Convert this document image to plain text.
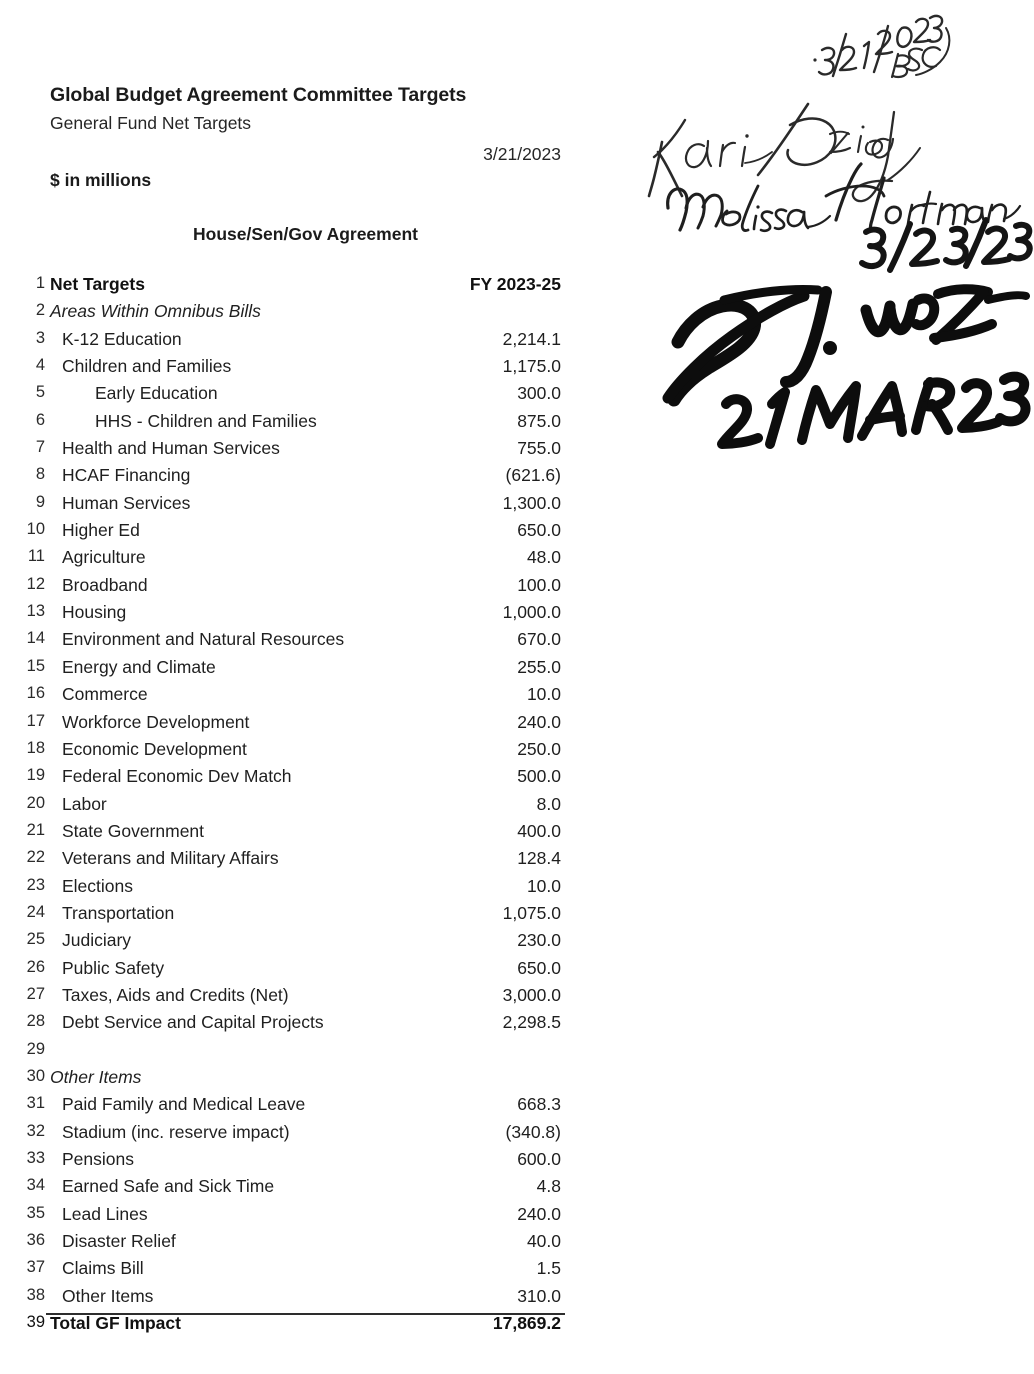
Global Budget Agreement Committee Targets
General Fund Net Targets
3/21/2023
$ in millions
House/Sen/Gov Agreement
1 Net Targets	FY 2023-25
2 Areas Within Omnibus Bills
3 K-12 Education	2,214.1
4 Children and Families	1,175.0
5	Early Education	300.0
6	HHS - Children and Families	875.0
7 Health and Human Services	755.0
8 HCAF Financing	(621.6)
9 Human Services	1,300.0
10 Higher Ed	650.0
11 Agriculture	48.0
12 Broadband	100.0
13 Housing	1,000.0
14 Environment and Natural Resources	670.0
15 Energy and Climate	255.0
16 Commerce	10.0
17 Workforce Development	240.0
18 Economic Development	250.0
19 Federal Economic Dev Match	500.0
20 Labor	8.0
21 State Government	400.0
22 Veterans and Military Affairs	128.4
23 Elections	10.0
24 Transportation	1,075.0
25 Judiciary	230.0
26 Public Safety	650.0
27 Taxes, Aids and Credits (Net)	3,000.0
28 Debt Service and Capital Projects	2,298.5
29
30 Other Items
31 Paid Family and Medical Leave	668.3
32 Stadium (inc. reserve impact)	(340.8)
33 Pensions	600.0
34 Earned Safe and Sick Time	4.8
35 Lead Lines	240.0
36 Disaster Relief	40.0
37 Claims Bill	1.5
38 Other Items	310.0
39 Total GF Impact	17,869.2
